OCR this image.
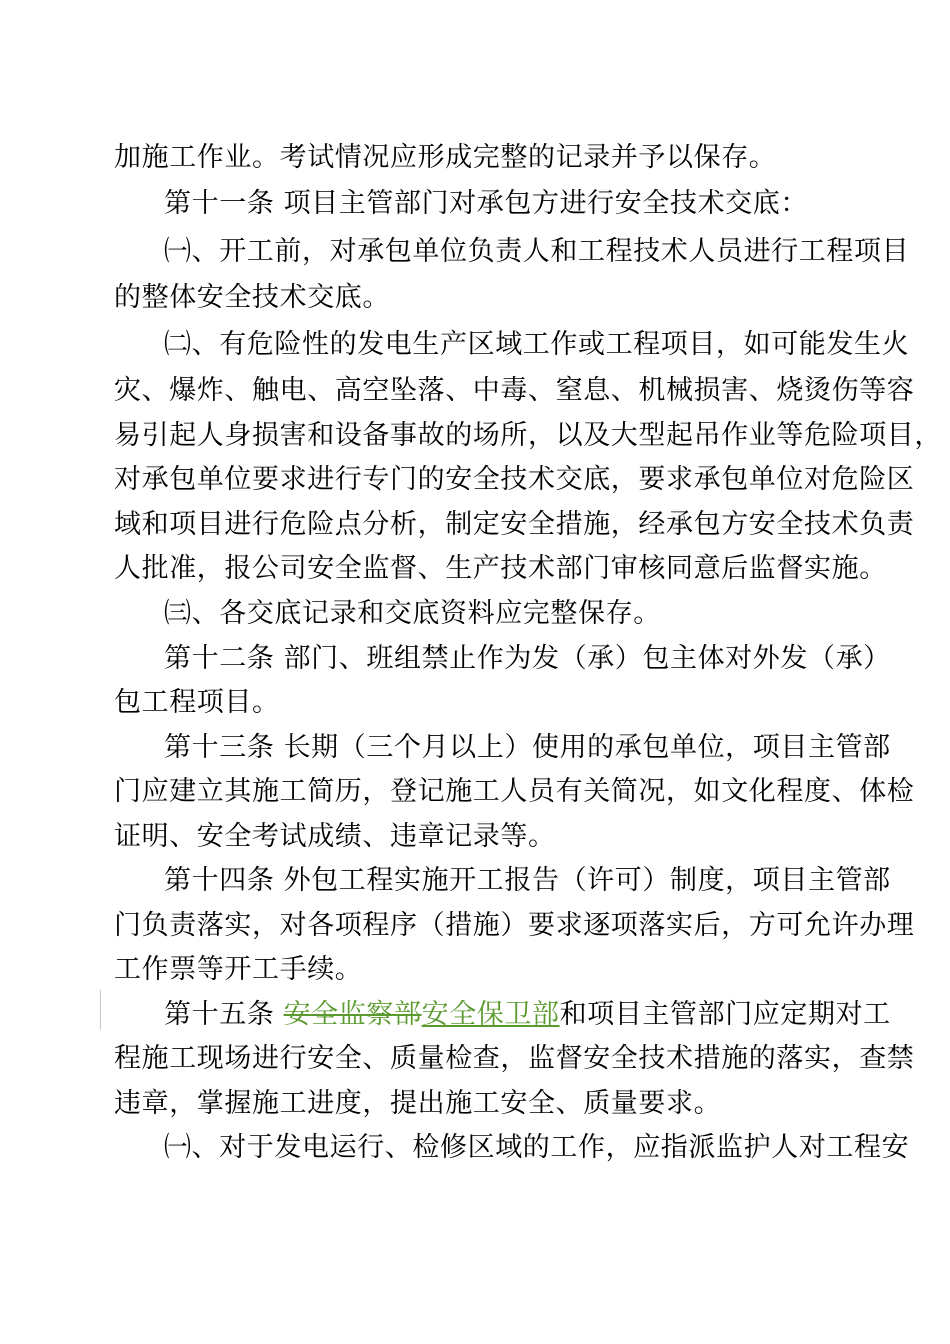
加施工作业。考试情况应形成完整的记录并予以保存。
第十一条 项目主管部门对承包方进行安全技术交底：
㈠、开工前，对承包单位负责人和工程技术人员进行工程项目
的整体安全技术交底。
㈡、有危险性的发电生产区域工作或工程项目，如可能发生火
灾、爆炸、触电、高空坠落、中毒、窒息、机械损害、烧烫伤等容
易引起人身损害和设备事故的场所，以及大型起吊作业等危险项目，
对承包单位要求进行专门的安全技术交底，要求承包单位对危险区
域和项目进行危险点分析，制定安全措施，经承包方安全技术负责
人批准，报公司安全监督、生产技术部门审核同意后监督实施。
㈢、各交底记录和交底资料应完整保存。
第十二条 部门、班组禁止作为发（承）包主体对外发（承）
包工程项目。
第十三条 长期（三个月以上）使用的承包单位，项目主管部
门应建立其施工简历，登记施工人员有关简况，如文化程度、体检
证明、安全考试成绩、违章记录等。
第十四条 外包工程实施开工报告（许可）制度，项目主管部
门负责落实，对各项程序（措施）要求逐项落实后，方可允许办理
工作票等开工手续。
第十五条 安全监察部安全保卫部和项目主管部门应定期对工
程施工现场进行安全、质量检查，监督安全技术措施的落实，查禁
违章，掌握施工进度，提出施工安全、质量要求。
㈠、对于发电运行、检修区域的工作，应指派监护人对工程安
